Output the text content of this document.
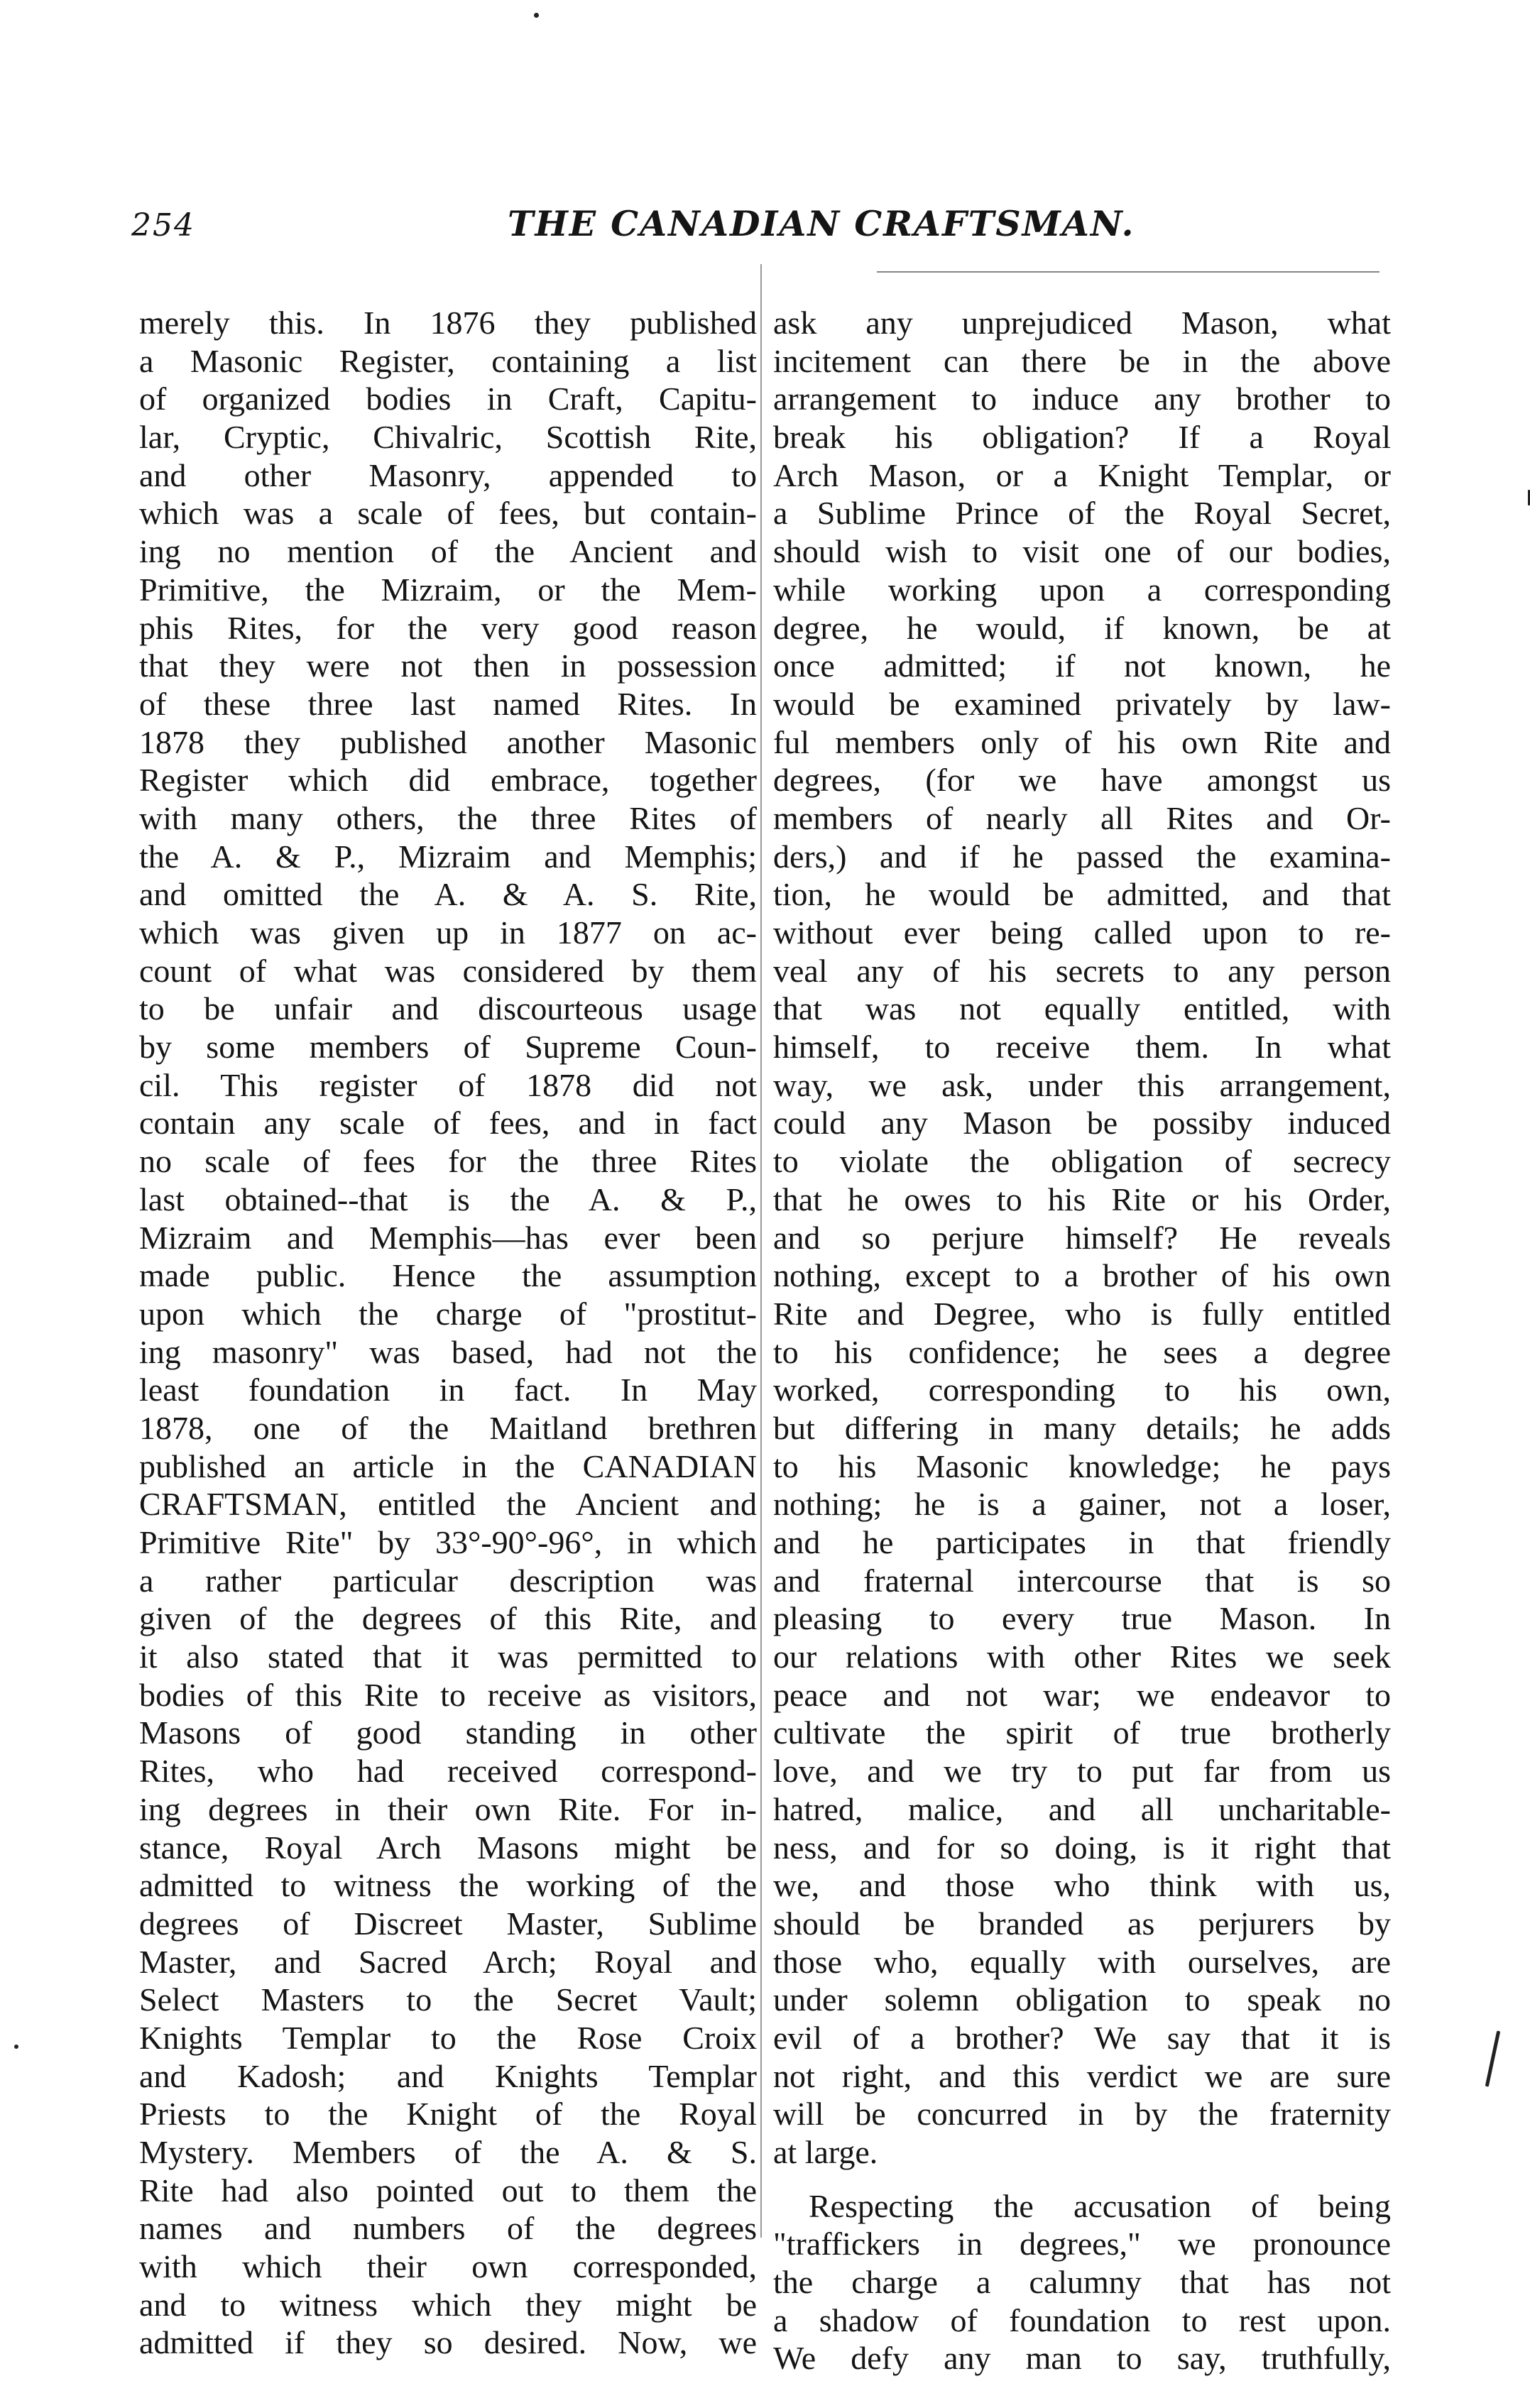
254	THE CANADIAN CRAFTSMAN.
merely this. In 1876 they published
a Masonic Register, containing a list
of organized bodies in Craft, Capitu-
lar, Cryptic, Chivalric, Scottish Rite,
and other Masonry, appended to
which was a scale of fees, but contain-
ing no mention of the Ancient and
Primitive, the Mizraim, or the Mem-
phis Rites, for the very good reason
that they were not then in possession
of these three last named Rites. In
1878 they published another Masonic
Register which did embrace, together
with many others, the three Rites of
the A. & P., Mizraim and Memphis;
and omitted the A. & A. S. Rite,
which was given up in 1877 on ac-
count of what was considered by them
to be unfair and discourteous usage
by some members of Supreme Coun-
cil. This register of 1878 did not
contain any scale of fees, and in fact
no scale of fees for the three Rites
last obtained--that is the A. & P.,
Mizraim and Memphis—has ever been
made public. Hence the assumption
upon which the charge of "prostitut-
ing masonry" was based, had not the
least foundation in fact. In May
1878, one of the Maitland brethren
published an article in the CANADIAN
CRAFTSMAN, entitled the Ancient and
Primitive Rite" by 33°-90°-96°, in which
a rather particular description was
given of the degrees of this Rite, and
it also stated that it was permitted to
bodies of this Rite to receive as visitors,
Masons of good standing in other
Rites, who had received correspond-
ing degrees in their own Rite. For in-
stance, Royal Arch Masons might be
admitted to witness the working of the
degrees of Discreet Master, Sublime
Master, and Sacred Arch; Royal and
Select Masters to the Secret Vault;
Knights Templar to the Rose Croix
and Kadosh; and Knights Templar
Priests to the Knight of the Royal
Mystery. Members of the A. & S.
Rite had also pointed out to them the
names and numbers of the degrees
with which their own corresponded,
and to witness which they might be
admitted if they so desired. Now, we
ask any unprejudiced Mason, what
incitement can there be in the above
arrangement to induce any brother to
break his obligation? If a Royal
Arch Mason, or a Knight Templar, or
a Sublime Prince of the Royal Secret,
should wish to visit one of our bodies,
while working upon a corresponding
degree, he would, if known, be at
once admitted; if not known, he
would be examined privately by law-
ful members only of his own Rite and
degrees, (for we have amongst us
members of nearly all Rites and Or-
ders,) and if he passed the examina-
tion, he would be admitted, and that
without ever being called upon to re-
veal any of his secrets to any person
that was not equally entitled, with
himself, to receive them. In what
way, we ask, under this arrangement,
could any Mason be possiby induced
to violate the obligation of secrecy
that he owes to his Rite or his Order,
and so perjure himself? He reveals
nothing, except to a brother of his own
Rite and Degree, who is fully entitled
to his confidence; he sees a degree
worked, corresponding to his own,
but differing in many details; he adds
to his Masonic knowledge; he pays
nothing; he is a gainer, not a loser,
and he participates in that friendly
and fraternal intercourse that is so
pleasing to every true Mason. In
our relations with other Rites we seek
peace and not war; we endeavor to
cultivate the spirit of true brotherly
love, and we try to put far from us
hatred, malice, and all uncharitable-
ness, and for so doing, is it right that
we, and those who think with us,
should be branded as perjurers by
those who, equally with ourselves, are
under solemn obligation to speak no
evil of a brother? We say that it is
not right, and this verdict we are sure
will be concurred in by the fraternity
at large.
Respecting the accusation of being
"traffickers in degrees," we pronounce
the charge a calumny that has not
a shadow of foundation to rest upon.
We defy any man to say, truthfully,
